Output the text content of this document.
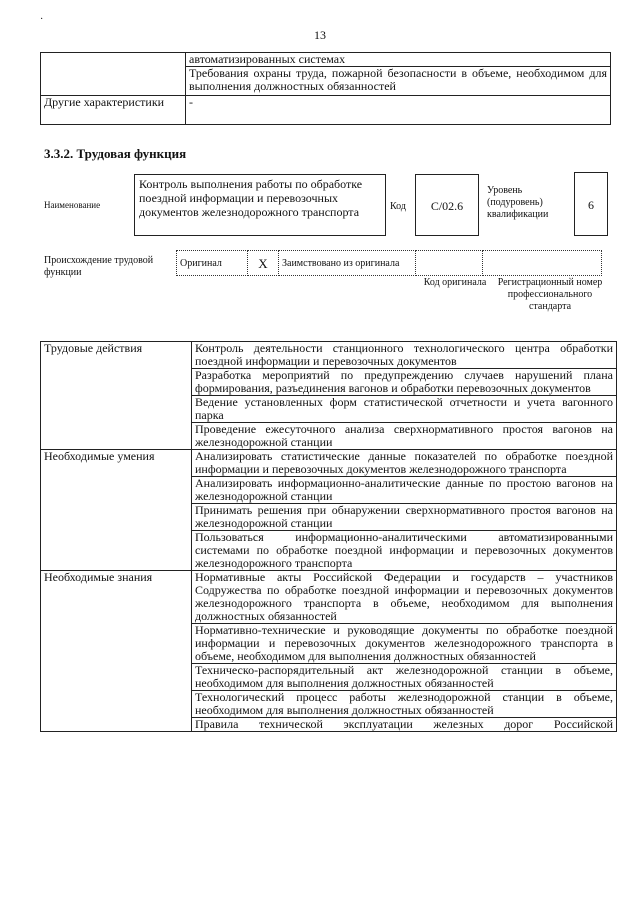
·
13
	автоматизированных системах
	Требования охраны труда, пожарной безопасности в объеме, необходимом для выполнения должностных обязанностей
Другие характеристики	-
3.3.2. Трудовая функция
Наименование
Контроль выполнения работы по обработке поездной информации и перевозочных документов железнодорожного транспорта	Код	С/02.6
Уровень (подуровень) квалификации
6
Происхождение трудовой функции
Оригинал	X	Заимствовано из оригинала		
Код оригинала	Регистрационный номер профессионального стандарта
Трудовые действия	Контроль деятельности станционного технологического центра обработки поездной информации и перевозочных документов
	Разработка мероприятий по предупреждению случаев нарушений плана формирования, разъединения вагонов и обработки перевозочных документов
	Ведение установленных форм статистической отчетности и учета вагонного парка
	Проведение ежесуточного анализа сверхнормативного простоя вагонов на железнодорожной станции
Необходимые умения	Анализировать статистические данные показателей по обработке поездной информации и перевозочных документов железнодорожного транспорта
	Анализировать информационно-аналитические данные по простою вагонов на железнодорожной станции
	Принимать решения при обнаружении сверхнормативного простоя вагонов на железнодорожной станции
	Пользоваться информационно-аналитическими автоматизированными системами по обработке поездной информации и перевозочных документов железнодорожного транспорта
Необходимые знания	Нормативные акты Российской Федерации и государств – участников Содружества по обработке поездной информации и перевозочных документов железнодорожного транспорта в объеме, необходимом для выполнения должностных обязанностей
	Нормативно-технические и руководящие документы по обработке поездной информации и перевозочных документов железнодорожного транспорта в объеме, необходимом для выполнения должностных обязанностей
	Техническо-распорядительный акт железнодорожной станции в объеме, необходимом для выполнения должностных обязанностей
	Технологический процесс работы железнодорожной станции в объеме, необходимом для выполнения должностных обязанностей
	Правила технической эксплуатации железных дорог Российской
